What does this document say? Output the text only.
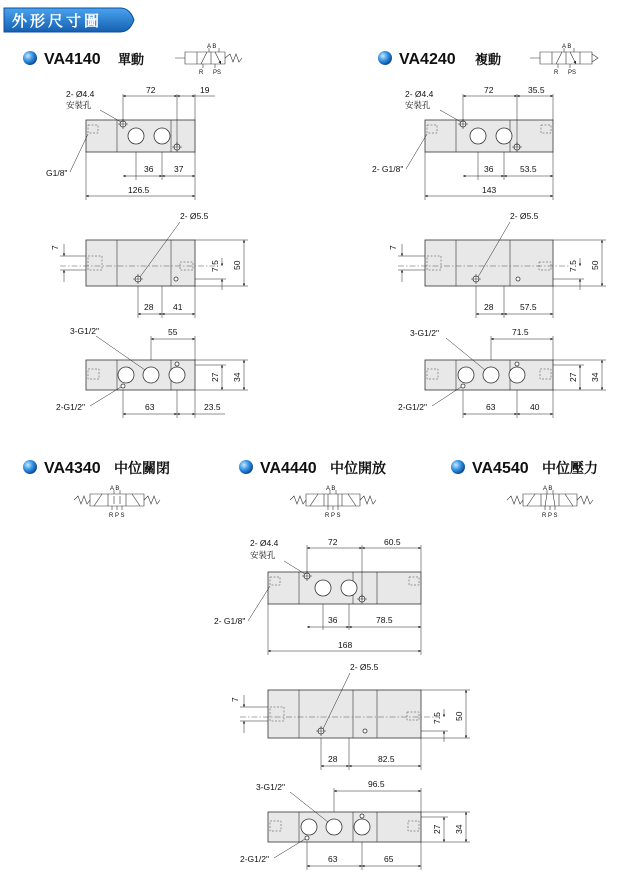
外形尺寸圖
VA4140 單動	VA4240 複動
VA4340 中位關閉	VA4440 中位開放	VA4540 中位壓力
A B
R PS
A B
R PS
A B
R P S
A B
R P S
A B
R P S
72	19
2- Ø4.4
安裝孔
G1/8"	36 37
126.5
2- Ø5.5
7
50
7.5
28 41
3-G1/2"	55
34
27
2-G1/2"	63	23.5
72	35.5
2- Ø4.4
安裝孔
2- G1/8"	36	53.5
143
2- Ø5.5
7
50
7.5
28	57.5
3-G1/2"	71.5
34
27
2-G1/2"	63	40
72	60.5
2- Ø4.4
安裝孔
2- G1/8"	36	78.5
168
2- Ø5.5
7
50
7.5
28	82.5
3-G1/2"	96.5
34
27
2-G1/2"	63	65
